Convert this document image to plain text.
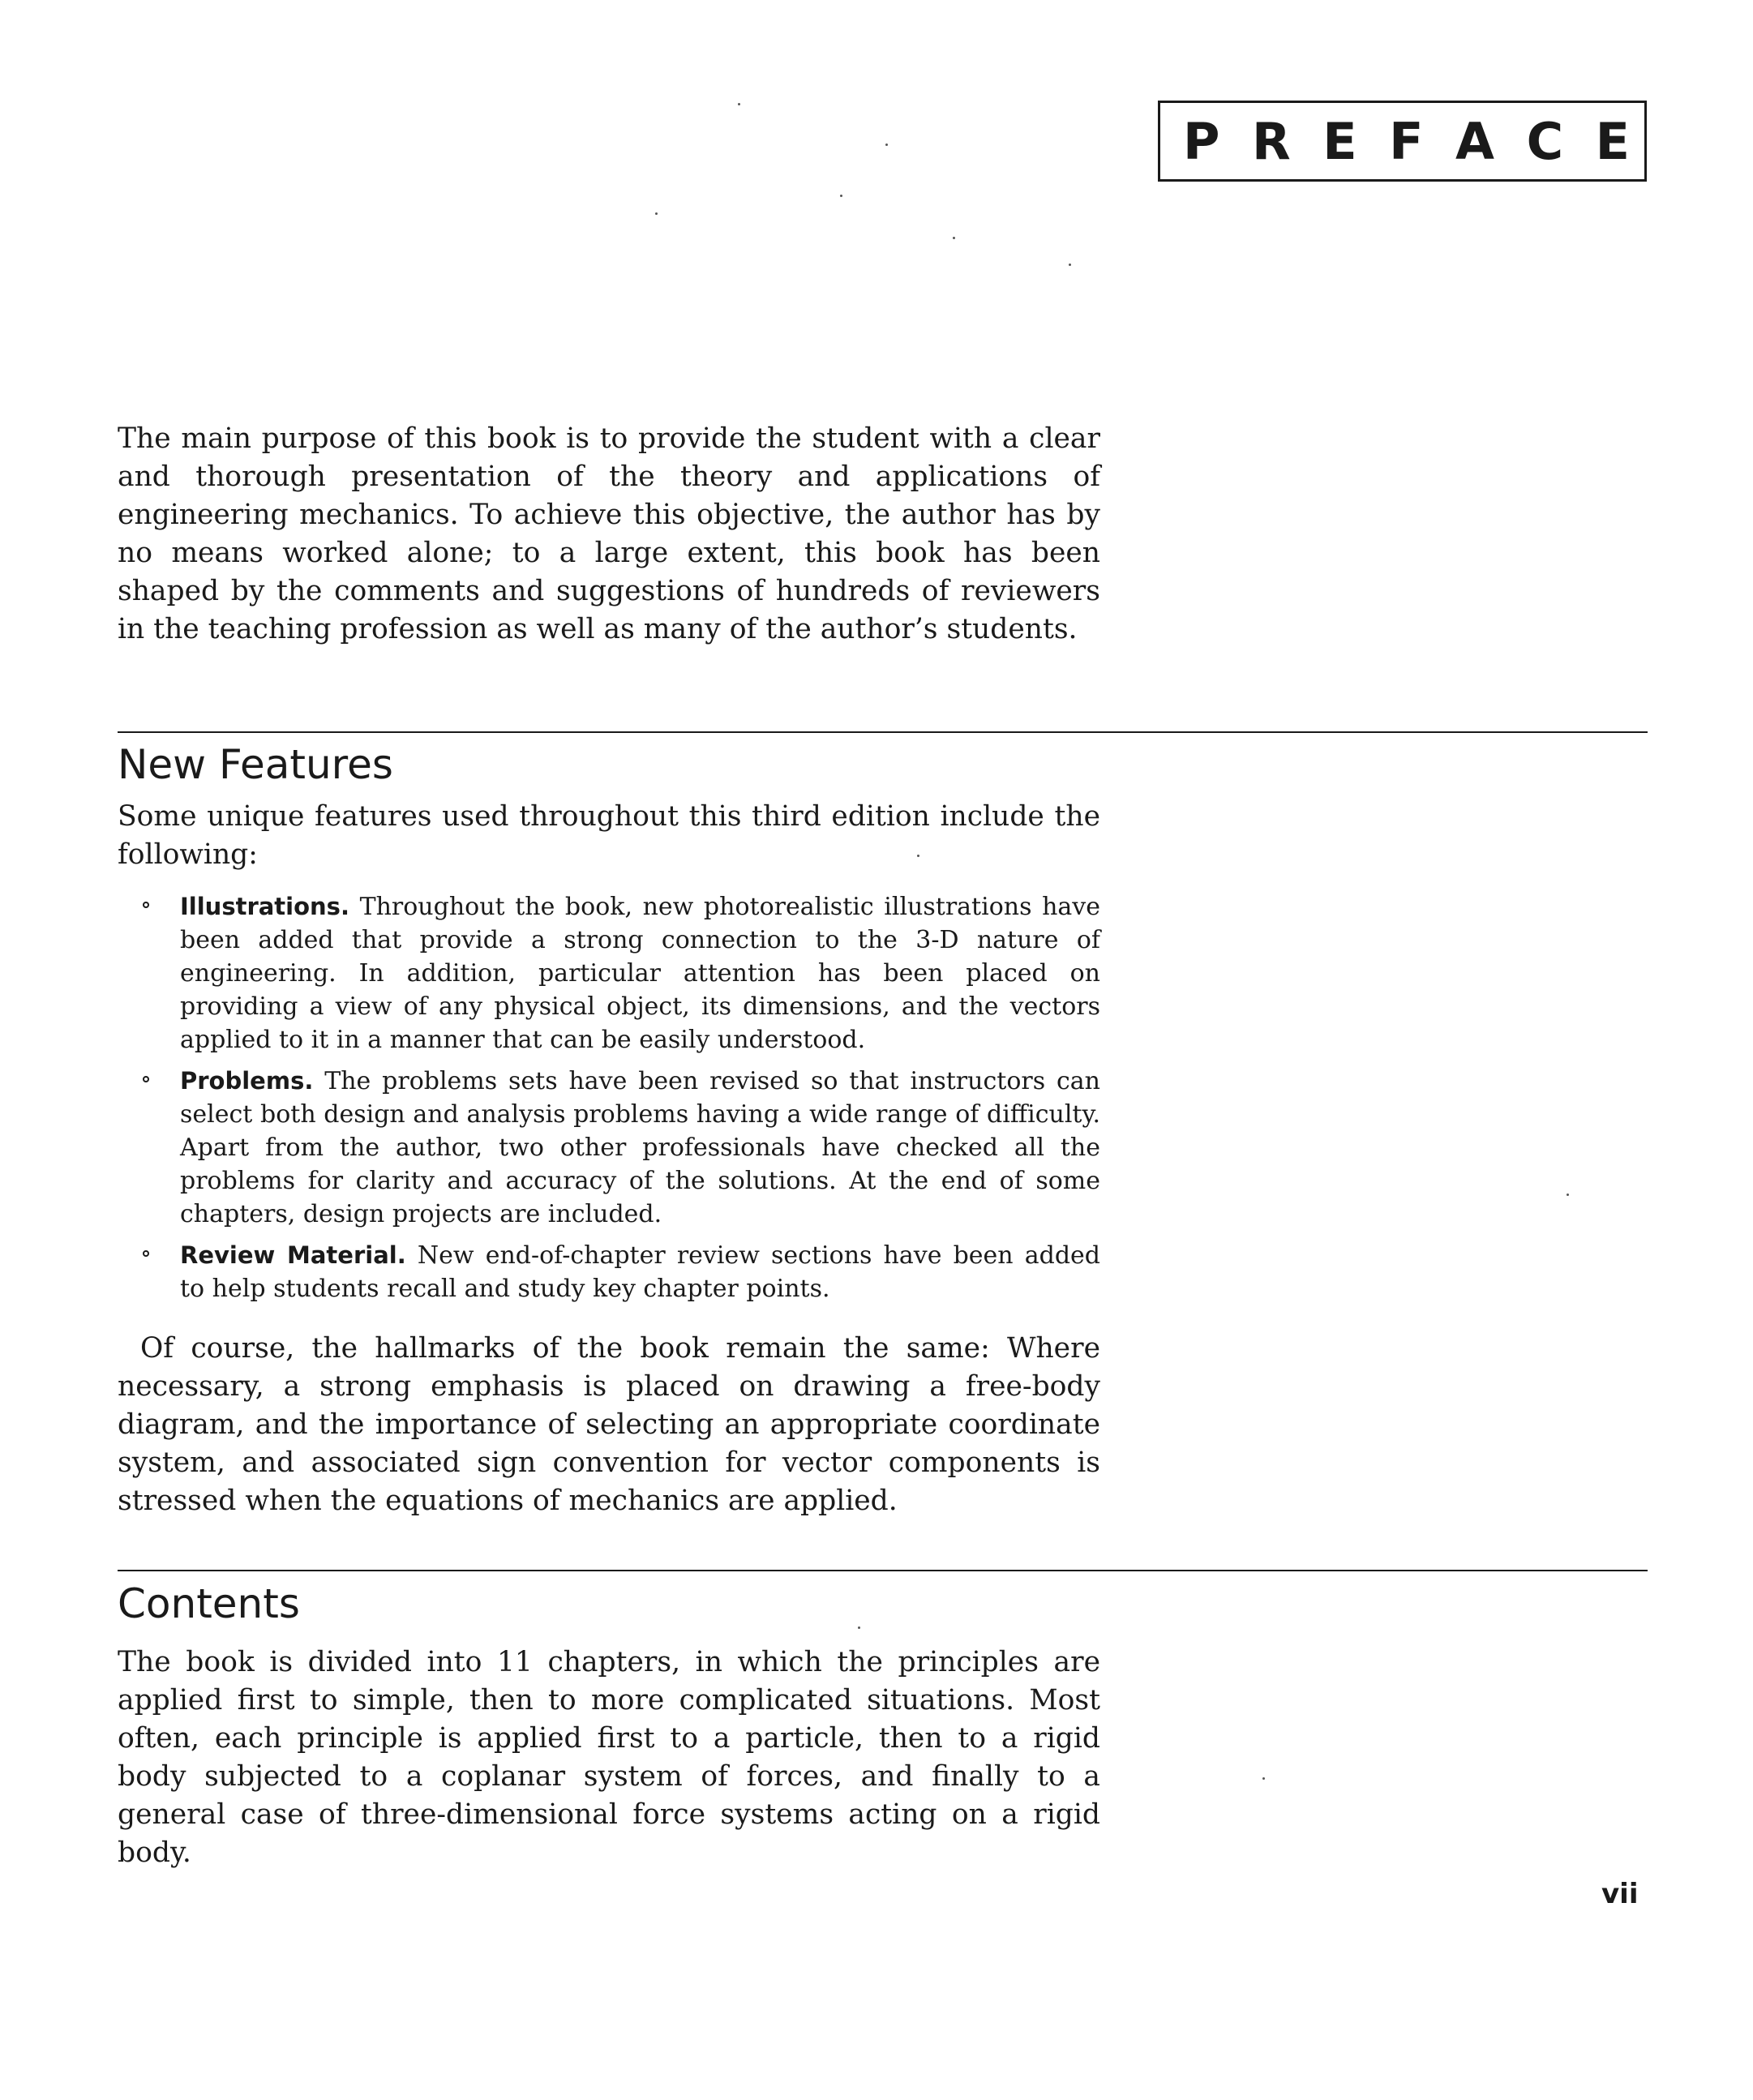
P R E F A C E

The main purpose of this book is to provide the student with a clear and thorough presentation of the theory and applications of engineering mechanics. To achieve this objective, the author has by no means worked alone; to a large extent, this book has been shaped by the comments and suggestions of hundreds of reviewers in the teaching profession as well as many of the author’s students.

New Features

Some unique features used throughout this third edition include the following:

Illustrations. Throughout the book, new photorealistic illustrations have been added that provide a strong connection to the 3-D nature of engineering. In addition, particular attention has been placed on providing a view of any physical object, its dimensions, and the vectors applied to it in a manner that can be easily understood.
Problems. The problems sets have been revised so that instructors can select both design and analysis problems having a wide range of difficulty. Apart from the author, two other professionals have checked all the problems for clarity and accuracy of the solutions. At the end of some chapters, design projects are included.
Review Material. New end-of-chapter review sections have been added to help students recall and study key chapter points.

Of course, the hallmarks of the book remain the same: Where necessary, a strong emphasis is placed on drawing a free-body diagram, and the importance of selecting an appropriate coordinate system, and associated sign convention for vector components is stressed when the equations of mechanics are applied.

Contents

The book is divided into 11 chapters, in which the principles are applied first to simple, then to more complicated situations. Most often, each principle is applied first to a particle, then to a rigid body subjected to a coplanar system of forces, and finally to a general case of three-dimensional force systems acting on a rigid body.

vii
